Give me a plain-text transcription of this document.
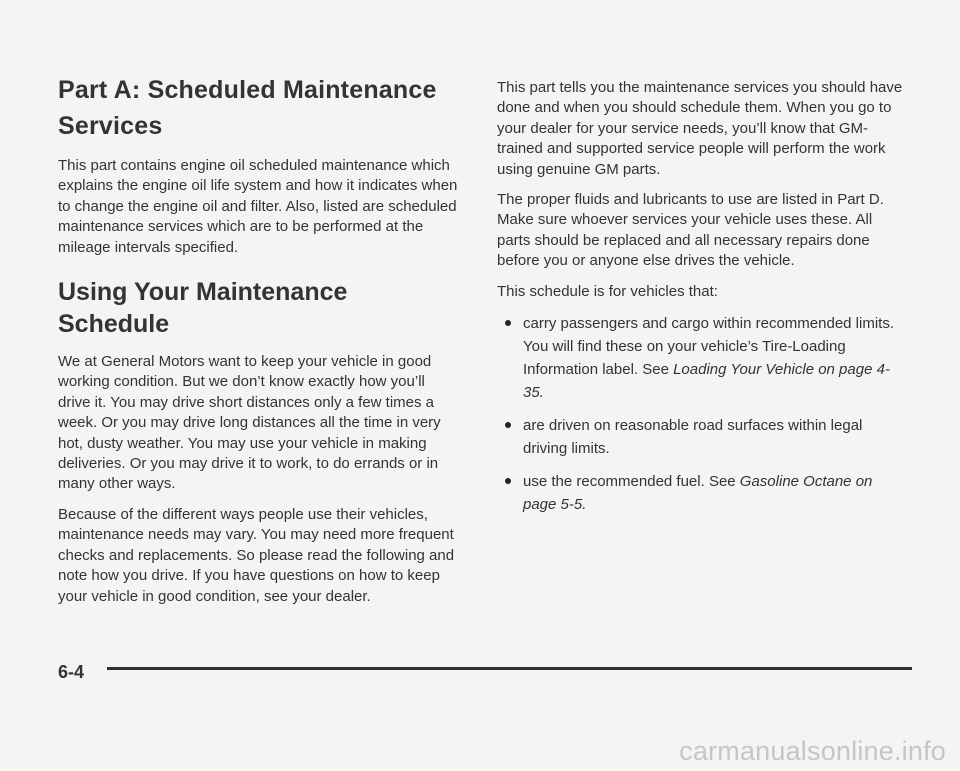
Part A: Scheduled Maintenance Services

This part contains engine oil scheduled maintenance which explains the engine oil life system and how it indicates when to change the engine oil and filter. Also, listed are scheduled maintenance services which are to be performed at the mileage intervals specified.

Using Your Maintenance Schedule

We at General Motors want to keep your vehicle in good working condition. But we don’t know exactly how you’ll drive it. You may drive short distances only a few times a week. Or you may drive long distances all the time in very hot, dusty weather. You may use your vehicle in making deliveries. Or you may drive it to work, to do errands or in many other ways.

Because of the different ways people use their vehicles, maintenance needs may vary. You may need more frequent checks and replacements. So please read the following and note how you drive. If you have questions on how to keep your vehicle in good condition, see your dealer.

This part tells you the maintenance services you should have done and when you should schedule them. When you go to your dealer for your service needs, you’ll know that GM-trained and supported service people will perform the work using genuine GM parts.

The proper fluids and lubricants to use are listed in Part D. Make sure whoever services your vehicle uses these. All parts should be replaced and all necessary repairs done before you or anyone else drives the vehicle.

This schedule is for vehicles that:

carry passengers and cargo within recommended limits. You will find these on your vehicle’s Tire-Loading Information label. See Loading Your Vehicle on page 4-35.
are driven on reasonable road surfaces within legal driving limits.
use the recommended fuel. See Gasoline Octane on page 5-5.
6-4
carmanualsonline.info
